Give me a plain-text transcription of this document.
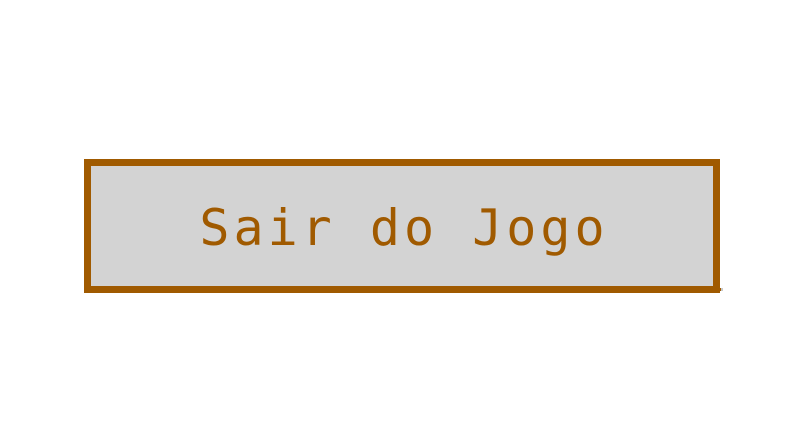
Sair do Jogo
